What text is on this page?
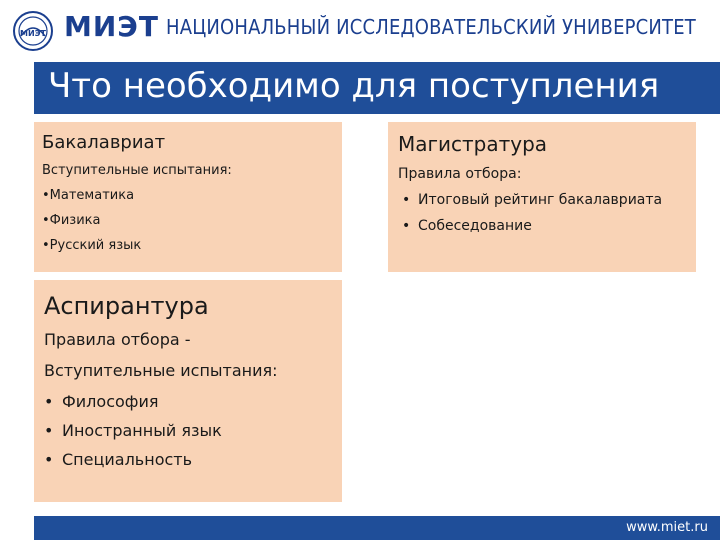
МИЭТ МИЭТ НАЦИОНАЛЬНЫЙ ИССЛЕДОВАТЕЛЬСКИЙ УНИВЕРСИТЕТ
Что необходимо для поступления
Бакалавриат

Вступительные испытания:

•Математика
•Физика
•Русский язык
Магистратура

Правила отбора:

• Итоговый рейтинг бакалавриата
• Собеседование
Аспирантура

Правила отбора -

Вступительные испытания:

• Философия
• Иностранный язык
• Специальность
www.miet.ru
